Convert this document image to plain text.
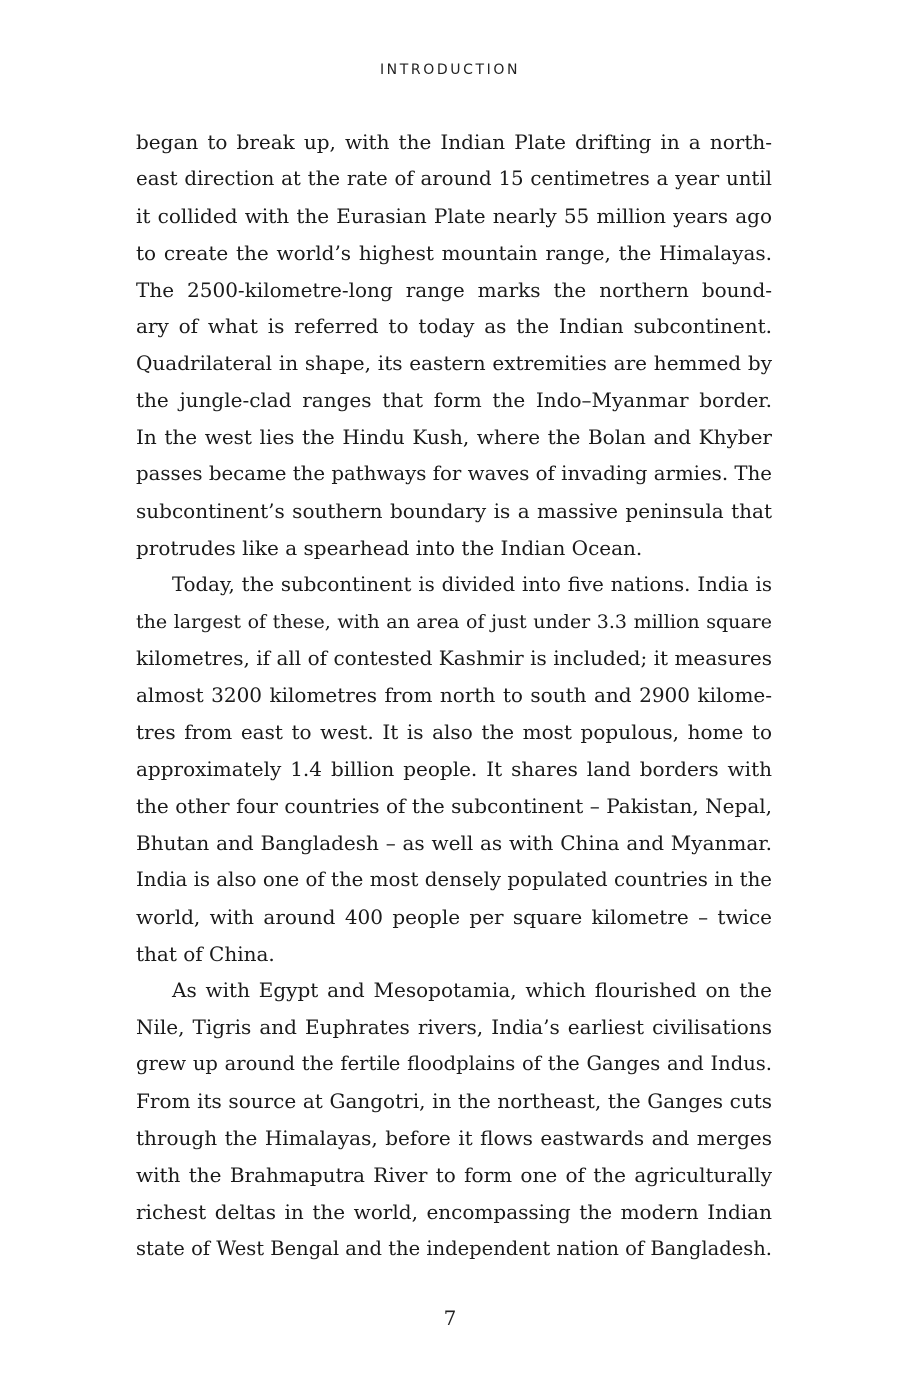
INTRODUCTION
began to break up, with the Indian Plate drifting in a north-
east direction at the rate of around 15 centimetres a year until
it collided with the Eurasian Plate nearly 55 million years ago
to create the world’s highest mountain range, the Himalayas.
The 2500-kilometre-long range marks the northern bound-
ary of what is referred to today as the Indian subcontinent.
Quadrilateral in shape, its eastern extremities are hemmed by
the jungle-clad ranges that form the Indo–Myanmar border.
In the west lies the Hindu Kush, where the Bolan and Khyber
passes became the pathways for waves of invading armies. The
subcontinent’s southern boundary is a massive peninsula that
protrudes like a spearhead into the Indian Ocean.
Today, the subcontinent is divided into five nations. India is
the largest of these, with an area of just under 3.3 million square
kilometres, if all of contested Kashmir is included; it measures
almost 3200 kilometres from north to south and 2900 kilome-
tres from east to west. It is also the most populous, home to
approximately 1.4 billion people. It shares land borders with
the other four countries of the subcontinent – Pakistan, Nepal,
Bhutan and Bangladesh – as well as with China and Myanmar.
India is also one of the most densely populated countries in the
world, with around 400 people per square kilometre – twice
that of China.
As with Egypt and Mesopotamia, which flourished on the
Nile, Tigris and Euphrates rivers, India’s earliest civilisations
grew up around the fertile floodplains of the Ganges and Indus.
From its source at Gangotri, in the northeast, the Ganges cuts
through the Himalayas, before it flows eastwards and merges
with the Brahmaputra River to form one of the agriculturally
richest deltas in the world, encompassing the modern Indian
state of West Bengal and the independent nation of Bangladesh.
7
